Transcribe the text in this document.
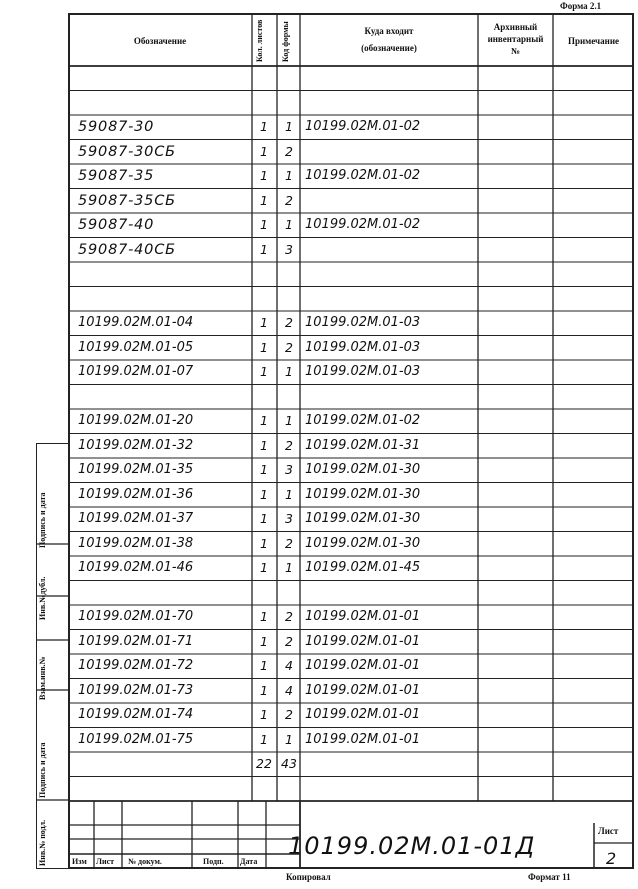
Форма 2.1
Обозначение	Кол. листов Код формы	Куда входит
(обозначение)
Архивный
инвентарный
№
Примечание
Инв.№ подл.
Подпись и дата
Взам.инв.№
Инв.№дубл.
Подпись и дата
59087-30	1	1 10199.02М.01-02
59087-30СБ	1	2
59087-35	1	1 10199.02М.01-02
59087-35СБ	1	2
59087-40	1	1 10199.02М.01-02
59087-40СБ	1	3
10199.02М.01-04	1	2 10199.02М.01-03
10199.02М.01-05	1	2 10199.02М.01-03
10199.02М.01-07	1	1 10199.02М.01-03
10199.02М.01-20	1	1 10199.02М.01-02
10199.02М.01-32	1	2 10199.02М.01-31
10199.02М.01-35	1	3 10199.02М.01-30
10199.02М.01-36	1	1 10199.02М.01-30
10199.02М.01-37	1	3 10199.02М.01-30
10199.02М.01-38	1	2 10199.02М.01-30
10199.02М.01-46	1	1 10199.02М.01-45
10199.02М.01-70	1	2 10199.02М.01-01
10199.02М.01-71	1	2 10199.02М.01-01
10199.02М.01-72	1	4 10199.02М.01-01
10199.02М.01-73	1	4 10199.02М.01-01
10199.02М.01-74	1	2 10199.02М.01-01
10199.02М.01-75	1	1 10199.02М.01-01
22 43
Изм Лист № докум.	Подп. Дата
10199.02М.01-01Д
Лист
2
Копировал	Формат 11
